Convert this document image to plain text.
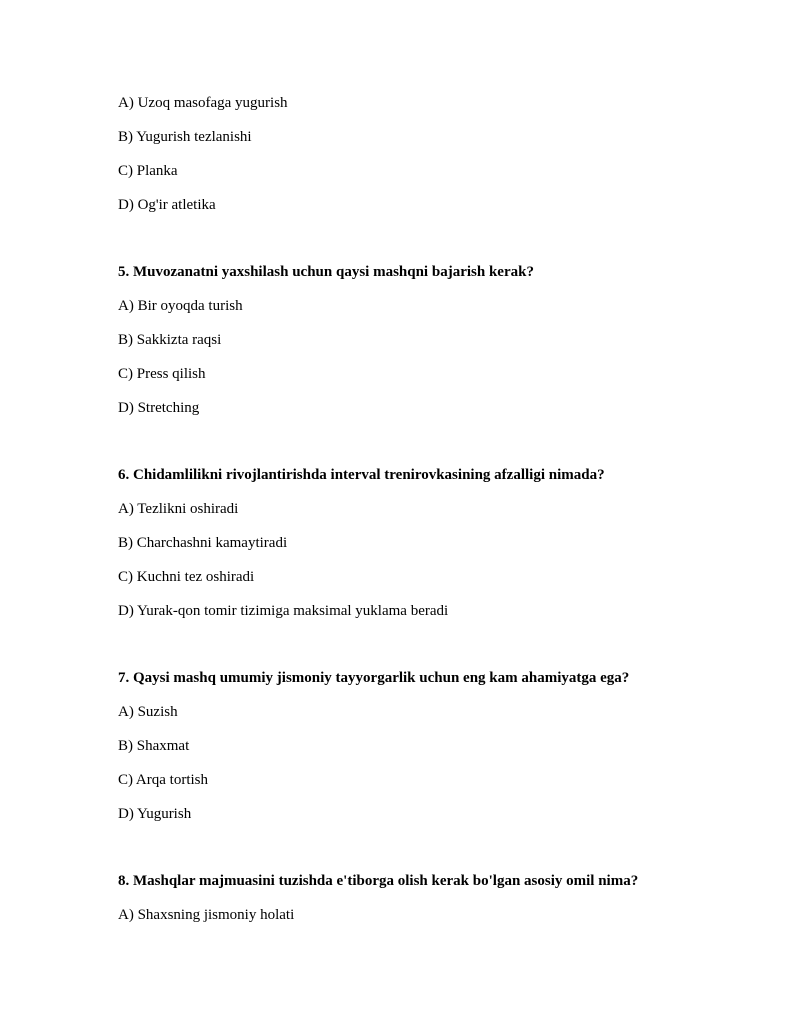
A) Uzoq masofaga yugurish

B) Yugurish tezlanishi

C) Planka

D) Og'ir atletika

5. Muvozanatni yaxshilash uchun qaysi mashqni bajarish kerak?

A) Bir oyoqda turish

B) Sakkizta raqsi

C) Press qilish

D) Stretching

6. Chidamlilikni rivojlantirishda interval trenirovkasining afzalligi nimada?

A) Tezlikni oshiradi

B) Charchashni kamaytiradi

C) Kuchni tez oshiradi

D) Yurak-qon tomir tizimiga maksimal yuklama beradi

7. Qaysi mashq umumiy jismoniy tayyorgarlik uchun eng kam ahamiyatga ega?

A) Suzish

B) Shaxmat

C) Arqa tortish

D) Yugurish

8. Mashqlar majmuasini tuzishda e'tiborga olish kerak bo'lgan asosiy omil nima?

A) Shaxsning jismoniy holati
